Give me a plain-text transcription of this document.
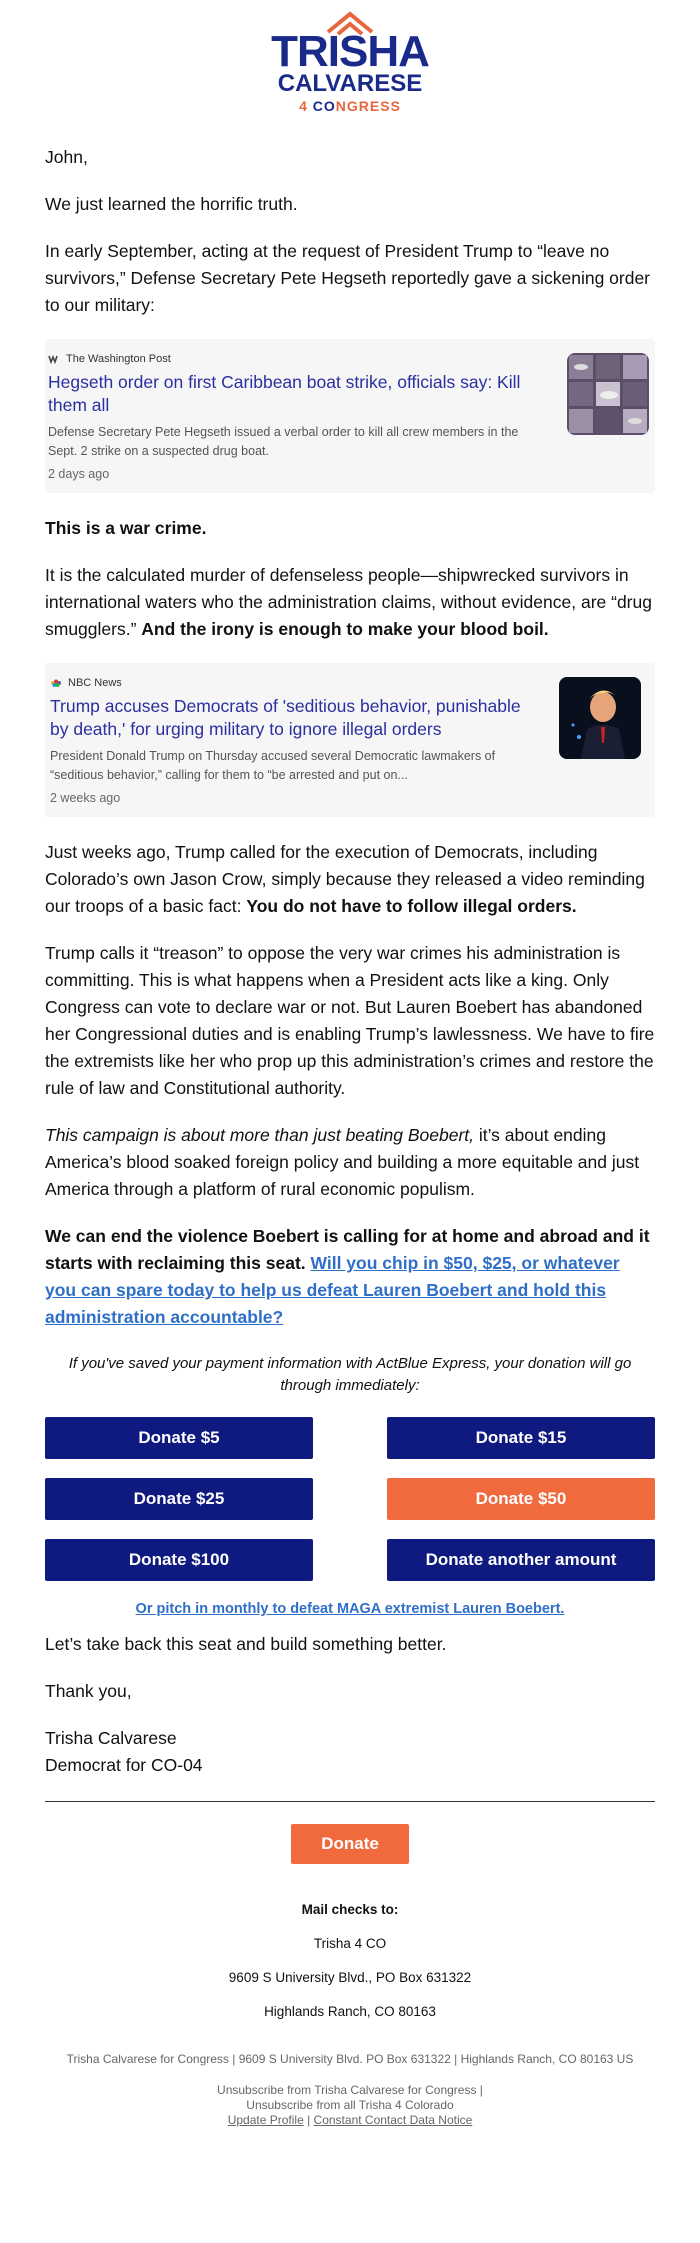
TRISHA
CALVARESE
4 CONGRESS

John,

We just learned the horrific truth.

In early September, acting at the request of President Trump to “leave no survivors,” Defense Secretary Pete Hegseth reportedly gave a sickening order to our military:

The Washington Post
Hegseth order on first Caribbean boat strike, officials say: Kill them all
Defense Secretary Pete Hegseth issued a verbal order to kill all crew members in the Sept. 2 strike on a suspected drug boat.
2 days ago

This is a war crime.

It is the calculated murder of defenseless people—shipwrecked survivors in international waters who the administration claims, without evidence, are “drug smugglers.” And the irony is enough to make your blood boil.

NBC News
Trump accuses Democrats of 'seditious behavior, punishable by death,' for urging military to ignore illegal orders
President Donald Trump on Thursday accused several Democratic lawmakers of “seditious behavior,” calling for them to “be arrested and put on...
2 weeks ago

Just weeks ago, Trump called for the execution of Democrats, including Colorado’s own Jason Crow, simply because they released a video reminding our troops of a basic fact: You do not have to follow illegal orders.

Trump calls it “treason” to oppose the very war crimes his administration is committing. This is what happens when a President acts like a king. Only Congress can vote to declare war or not. But Lauren Boebert has abandoned her Congressional duties and is enabling Trump’s lawlessness. We have to fire the extremists like her who prop up this administration’s crimes and restore the rule of law and Constitutional authority.

This campaign is about more than just beating Boebert, it’s about ending America’s blood soaked foreign policy and building a more equitable and just America through a platform of rural economic populism.

We can end the violence Boebert is calling for at home and abroad and it starts with reclaiming this seat. Will you chip in $50, $25, or whatever you can spare today to help us defeat Lauren Boebert and hold this administration accountable?

If you've saved your payment information with ActBlue Express, your donation will go through immediately:
Donate $5	Donate $15
Donate $25	Donate $50
Donate $100	Donate another amount
Or pitch in monthly to defeat MAGA extremist Lauren Boebert.

Let’s take back this seat and build something better.

Thank you,

Trisha Calvarese
Democrat for CO-04

Donate
Mail checks to:
Trisha 4 CO
9609 S University Blvd., PO Box 631322
Highlands Ranch, CO 80163
Trisha Calvarese for Congress | 9609 S University Blvd. PO Box 631322 | Highlands Ranch, CO 80163 US
Unsubscribe from Trisha Calvarese for Congress |
Unsubscribe from all Trisha 4 Colorado
Update Profile | Constant Contact Data Notice
